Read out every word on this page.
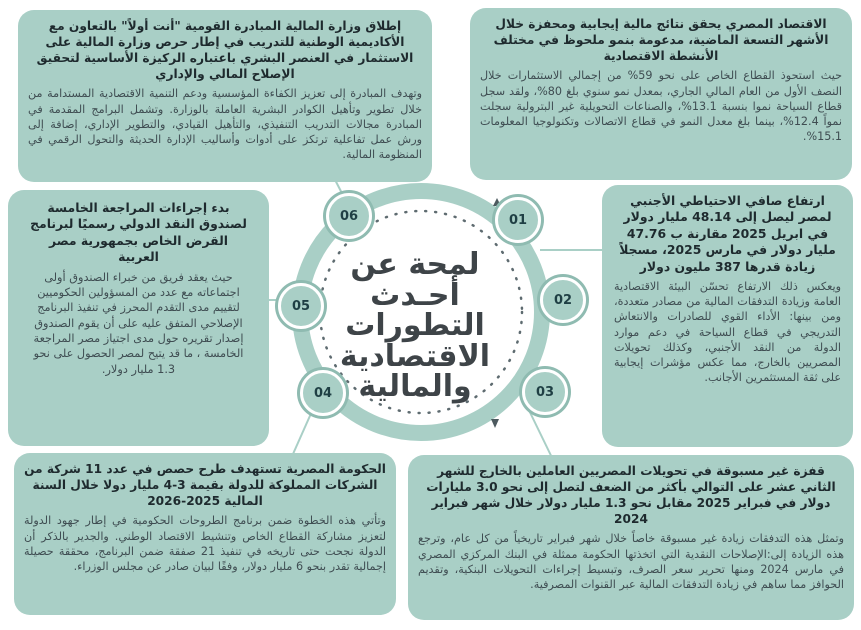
لمحة عن أحـدث التطورات الاقتصادية والمالية
06	01
05	02
04	03
الاقتصاد المصري يحقق نتائج مالية إيجابية ومحفزة خلال الأشهر التسعة الماضية، مدعومة بنمو ملحوظ في مختلف الأنشطة الاقتصادية

حيث استحوذ القطاع الخاص على نحو 59% من إجمالي الاستثمارات خلال النصف الأول من العام المالي الجاري، بمعدل نمو سنوي بلغ 80%، ولقد سجل قطاع السياحة نموا بنسبة 13.1%، والصناعات التحويلية غير البترولية سجلت نمواً 12.4%، بينما بلغ معدل النمو في قطاع الاتصالات وتكنولوجيا المعلومات 15.1%.

إطلاق وزارة المالية المبادرة القومية "أنت أولاً" بالتعاون مع الأكاديمية الوطنية للتدريب في إطار حرص وزارة المالية على الاستثمار في العنصر البشري باعتباره الركيزة الأساسية لتحقيق الإصلاح المالي والإداري

وتهدف المبادرة إلى تعزيز الكفاءة المؤسسية ودعم التنمية الاقتصادية المستدامة من خلال تطوير وتأهيل الكوادر البشرية العاملة بالوزارة. وتشمل البرامج المقدمة في المبادرة مجالات التدريب التنفيذي، والتأهيل القيادي، والتطوير الإداري، إضافة إلى ورش عمل تفاعلية ترتكز على أدوات وأساليب الإدارة الحديثة والتحول الرقمي في المنظومة المالية.

ارتفاع صافي الاحتياطي الأجنبي لمصر ليصل إلى 48.14 مليار دولار في ابريل 2025 مقارنة ب 47.76 مليار دولار في مارس 2025، مسجلاً زيادة قدرها 387 مليون دولار

ويعكس ذلك الارتفاع تحسّن البيئة الاقتصادية العامة وزيادة التدفقات المالية من مصادر متعددة، ومن بينها: الأداء القوي للصادرات والانتعاش التدريجي في قطاع السياحة في دعم موارد الدولة من النقد الأجنبي، وكذلك تحويلات المصريين بالخارج، مما عكس مؤشرات إيجابية على ثقة المستثمرين الأجانب.

بدء إجراءات المراجعة الخامسة لصندوق النقد الدولي رسميًا لبرنامج القرض الخاص بجمهورية مصر العربية

حيث يعقد فريق من خبراء الصندوق أولى اجتماعاته مع عدد من المسؤولين الحكوميين لتقييم مدى التقدم المحرز في تنفيذ البرنامج الإصلاحي المتفق عليه على أن يقوم الصندوق إصدار تقريره حول مدى اجتياز مصر المراجعة الخامسة ، ما قد يتيح لمصر الحصول على نحو 1.3 مليار دولار.

الحكومة المصرية تستهدف طرح حصص في عدد 11 شركة من الشركات المملوكة للدولة بقيمة 3-4 مليار دولا خلال السنة المالية 2025-2026

وتأتي هذه الخطوة ضمن برنامج الطروحات الحكومية في إطار جهود الدولة لتعزيز مشاركة القطاع الخاص وتنشيط الاقتصاد الوطني. والجدير بالذكر أن الدولة نجحت حتى تاريخه في تنفيذ 21 صفقة ضمن البرنامج، محققة حصيلة إجمالية تقدر بنحو 6 مليار دولار، وفقًا لبيان صادر عن مجلس الوزراء.

قفزة غير مسبوقة في تحويلات المصريين العاملين بالخارج للشهر الثاني عشر على التوالي بأكثر من الضعف لتصل إلى نحو 3.0 مليارات دولار في فبراير 2025 مقابل نحو 1.3 مليار دولار خلال شهر فبراير 2024

وتمثل هذه التدفقات زيادة غير مسبوقة خاصاً خلال شهر فبراير تاريخياً من كل عام، وترجع هذه الزيادة إلى:الإصلاحات النقدية التي اتخذتها الحكومة ممثلة في البنك المركزي المصري في مارس 2024 ومنها تحرير سعر الصرف، وتبسيط إجراءات التحويلات البنكية، وتقديم الحوافز مما ساهم في زيادة التدفقات المالية عبر القنوات المصرفية.
